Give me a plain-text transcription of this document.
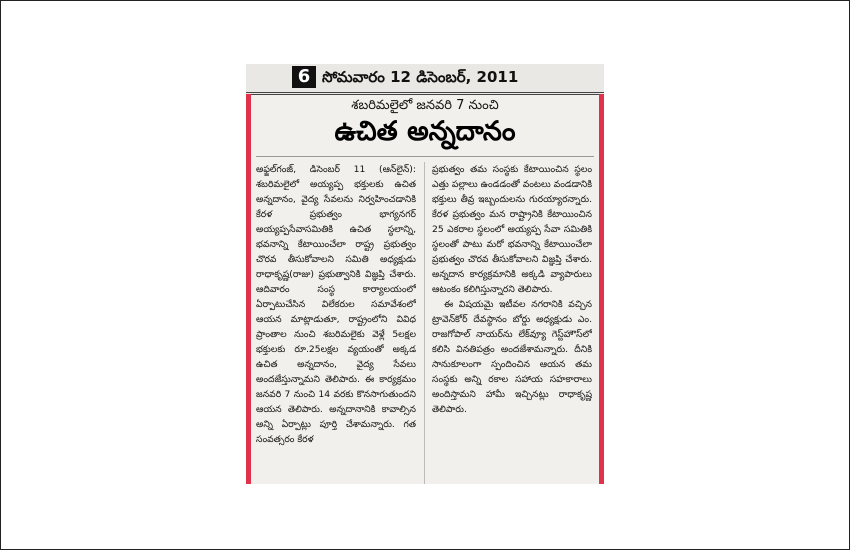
6 సోమవారం 12 డిసెంబర్, 2011
శబరిమలైలో జనవరి 7 నుంచి
ఉచిత అన్నదానం

అఫ్జల్‌గంజ్, డిసెంబర్ 11 (ఆన్‌లైన్): శబరిమలైలో అయ్యప్ప భక్తులకు ఉచిత అన్నదానం, వైద్య సేవలను నిర్వహించడానికి కేరళ ప్రభుత్వం భాగ్యనగర్ అయ్యప్పసేవాసమితికి ఉచిత స్థలాన్ని, భవనాన్ని కేటాయించేలా రాష్ట్ర ప్రభుత్వం చొరవ తీసుకోవాలని సమితి అధ్యక్షుడు రాధాకృష్ణ(రాజు) ప్రభుత్వానికి విజ్ఞప్తి చేశారు. ఆదివారం సంస్థ కార్యాలయంలో ఏర్పాటుచేసిన విలేకరుల సమావేశంలో ఆయన మాట్లాడుతూ, రాష్ట్రంలోని వివిధ ప్రాంతాల నుంచి శబరిమలైకు వెళ్లే 5లక్షల భక్తులకు రూ.25లక్షల వ్యయంతో అక్కడ ఉచిత అన్నదానం, వైద్య సేవలు అందజేస్తున్నామని తెలిపారు. ఈ కార్యక్రమం జనవరి 7 నుంచి 14 వరకు కొనసాగుతుందని ఆయన తెలిపారు. అన్నదానానికి కావాల్సిన అన్ని ఏర్పాట్లు పూర్తి చేశామన్నారు. గత సంవత్సరం కేరళ

ప్రభుత్వం తమ సంస్థకు కేటాయించిన స్థలం ఎత్తు పల్లాలు ఉండడంతో వంటలు వండడానికి భక్తులు తీవ్ర ఇబ్బందులను గురయ్యారన్నారు. కేరళ ప్రభుత్వం మన రాష్ట్రానికి కేటాయించిన 25 ఎకరాల స్థలంలో అయ్యప్ప సేవా సమితికి స్థలంతో పాటు మరో భవనాన్ని కేటాయించేలా ప్రభుత్వం చొరవ తీసుకోవాలని విజ్ఞప్తి చేశారు. అన్నదాన కార్యక్రమానికి అక్కడి వ్యాపారులు ఆటంకం కలిగిస్తున్నారని తెలిపారు.

ఈ విషయమై ఇటీవల నగరానికి వచ్చిన ట్రావెన్‌కోర్ దేవస్థానం బోర్డు అధ్యక్షుడు ఎం. రాజగోపాల్ నాయర్‌ను లేక్‌వ్యూ గెస్ట్‌హౌస్‌లో కలిసి వినతిపత్రం అందజేశామన్నారు. దీనికి సానుకూలంగా స్పందించిన ఆయన తమ సంస్థకు అన్ని రకాల సహాయ సహకారాలు అందిస్తామని హామీ ఇచ్చినట్లు రాధాకృష్ణ తెలిపారు.
